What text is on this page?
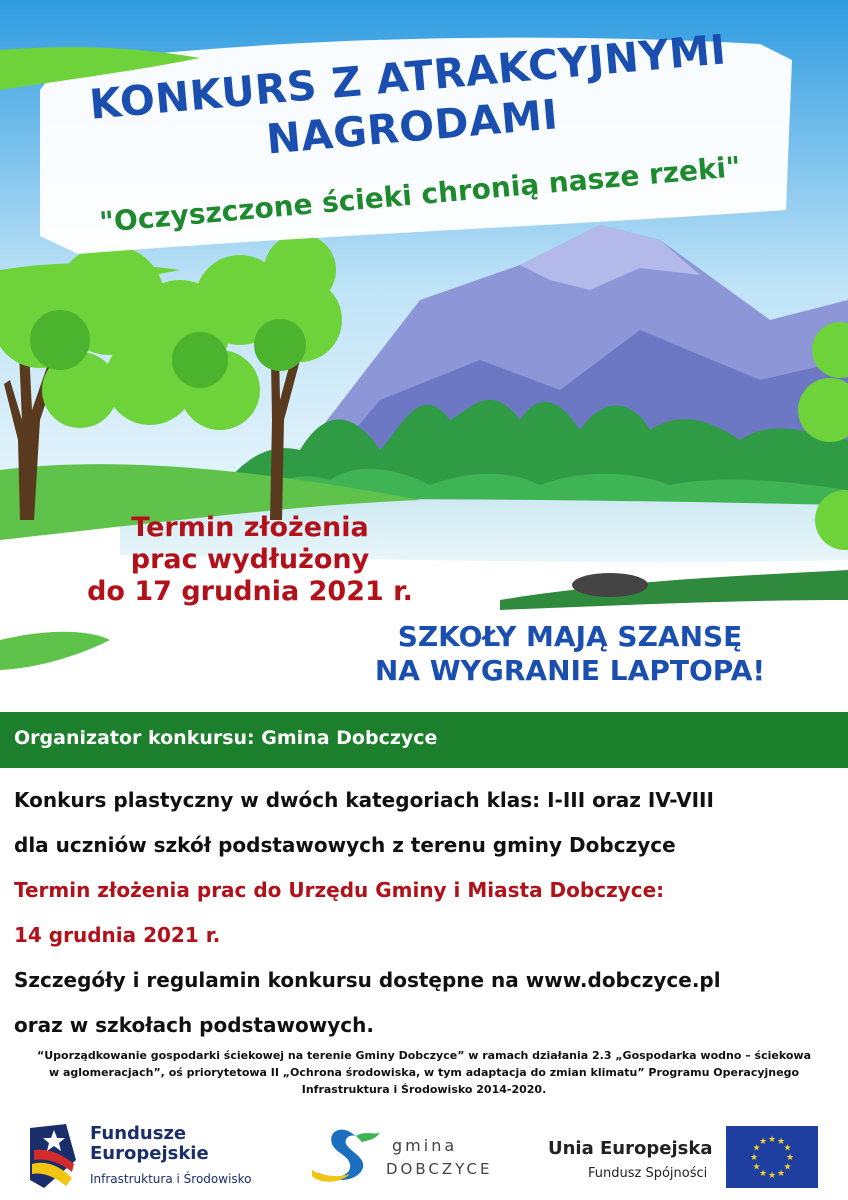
KONKURS Z ATRAKCYJNYMI NAGRODAMI
"Oczyszczone ścieki chronią nasze rzeki"
Termin złożenia
prac wydłużony
do 17 grudnia 2021 r.
SZKOŁY MAJĄ SZANSĘ
NA WYGRANIE LAPTOPA!
Organizator konkursu: Gmina Dobczyce
Konkurs plastyczny w dwóch kategoriach klas: I-III oraz IV-VIII
dla uczniów szkół podstawowych z terenu gminy Dobczyce
Termin złożenia prac do Urzędu Gminy i Miasta Dobczyce:
14 grudnia 2021 r.
Szczegóły i regulamin konkursu dostępne na www.dobczyce.pl
oraz w szkołach podstawowych.
“Uporządkowanie gospodarki ściekowej na terenie Gminy Dobczyce” w ramach działania 2.3 „Gospodarka wodno – ściekowa
w aglomeracjach”, oś priorytetowa II „Ochrona środowiska, w tym adaptacja do zmian klimatu” Programu Operacyjnego
Infrastruktura i Środowisko 2014-2020.
Fundusze
Europejskie
Infrastruktura i Środowisko
gmina
DOBCZYCE
Unia Europejska
Fundusz Spójności
★ ★
★
★
★
★
★
★
★
★
★
★
